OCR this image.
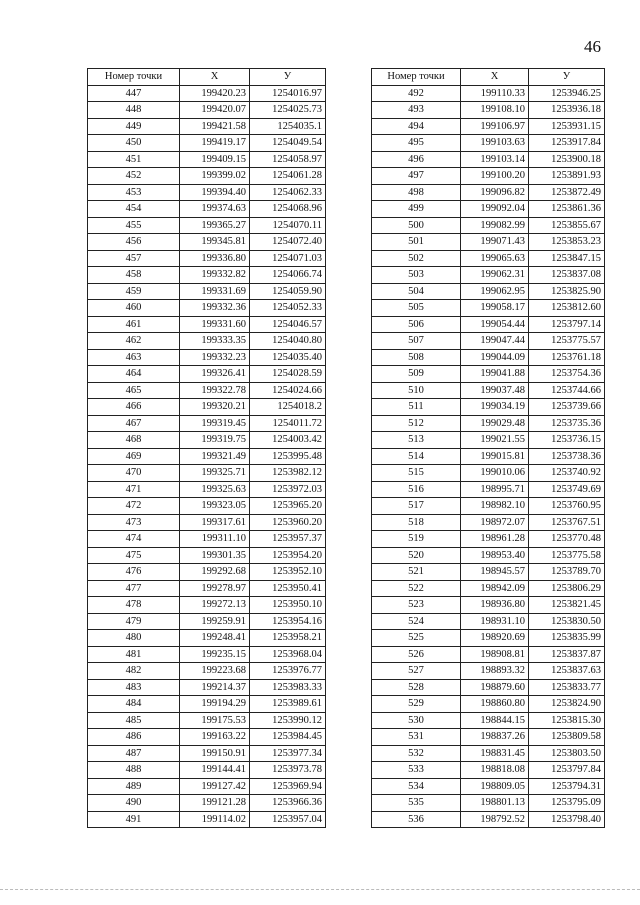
46
Номер точки	X	У
447	199420.23	1254016.97
448	199420.07	1254025.73
449	199421.58	1254035.1
450	199419.17	1254049.54
451	199409.15	1254058.97
452	199399.02	1254061.28
453	199394.40	1254062.33
454	199374.63	1254068.96
455	199365.27	1254070.11
456	199345.81	1254072.40
457	199336.80	1254071.03
458	199332.82	1254066.74
459	199331.69	1254059.90
460	199332.36	1254052.33
461	199331.60	1254046.57
462	199333.35	1254040.80
463	199332.23	1254035.40
464	199326.41	1254028.59
465	199322.78	1254024.66
466	199320.21	1254018.2
467	199319.45	1254011.72
468	199319.75	1254003.42
469	199321.49	1253995.48
470	199325.71	1253982.12
471	199325.63	1253972.03
472	199323.05	1253965.20
473	199317.61	1253960.20
474	199311.10	1253957.37
475	199301.35	1253954.20
476	199292.68	1253952.10
477	199278.97	1253950.41
478	199272.13	1253950.10
479	199259.91	1253954.16
480	199248.41	1253958.21
481	199235.15	1253968.04
482	199223.68	1253976.77
483	199214.37	1253983.33
484	199194.29	1253989.61
485	199175.53	1253990.12
486	199163.22	1253984.45
487	199150.91	1253977.34
488	199144.41	1253973.78
489	199127.42	1253969.94
490	199121.28	1253966.36
491	199114.02	1253957.04
Номер точки	X	У
492	199110.33	1253946.25
493	199108.10	1253936.18
494	199106.97	1253931.15
495	199103.63	1253917.84
496	199103.14	1253900.18
497	199100.20	1253891.93
498	199096.82	1253872.49
499	199092.04	1253861.36
500	199082.99	1253855.67
501	199071.43	1253853.23
502	199065.63	1253847.15
503	199062.31	1253837.08
504	199062.95	1253825.90
505	199058.17	1253812.60
506	199054.44	1253797.14
507	199047.44	1253775.57
508	199044.09	1253761.18
509	199041.88	1253754.36
510	199037.48	1253744.66
511	199034.19	1253739.66
512	199029.48	1253735.36
513	199021.55	1253736.15
514	199015.81	1253738.36
515	199010.06	1253740.92
516	198995.71	1253749.69
517	198982.10	1253760.95
518	198972.07	1253767.51
519	198961.28	1253770.48
520	198953.40	1253775.58
521	198945.57	1253789.70
522	198942.09	1253806.29
523	198936.80	1253821.45
524	198931.10	1253830.50
525	198920.69	1253835.99
526	198908.81	1253837.87
527	198893.32	1253837.63
528	198879.60	1253833.77
529	198860.80	1253824.90
530	198844.15	1253815.30
531	198837.26	1253809.58
532	198831.45	1253803.50
533	198818.08	1253797.84
534	198809.05	1253794.31
535	198801.13	1253795.09
536	198792.52	1253798.40
